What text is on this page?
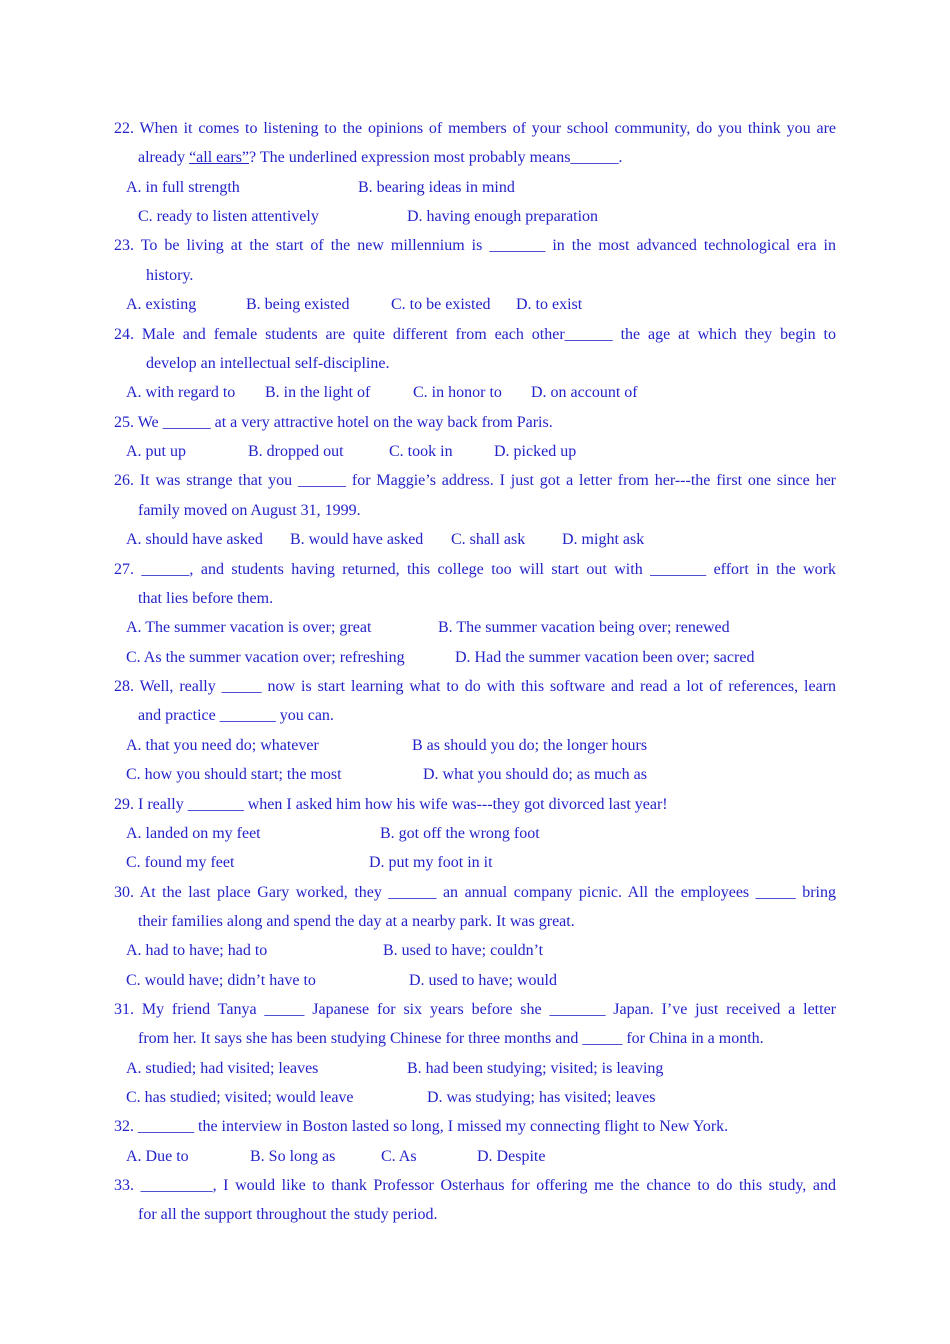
22. When it comes to listening to the opinions of members of your school community, do you think you are
already “all ears”? The underlined expression most probably means______.
A. in full strength	B. bearing ideas in mind
C. ready to listen attentively	D. having enough preparation
23. To be living at the start of the new millennium is _______ in the most advanced technological era in
history.
A. existing	B. being existed	C. to be existed D. to exist
24. Male and female students are quite different from each other______ the age at which they begin to
develop an intellectual self-discipline.
A. with regard to B. in the light of	C. in honor to D. on account of
25. We ______ at a very attractive hotel on the way back from Paris.
A. put up	B. dropped out	C. took in	D. picked up
26. It was strange that you ______ for Maggie’s address. I just got a letter from her---the first one since her
family moved on August 31, 1999.
A. should have asked B. would have asked C. shall ask D. might ask
27. ______, and students having returned, this college too will start out with _______ effort in the work
that lies before them.
A. The summer vacation is over; great	B. The summer vacation being over; renewed
C. As the summer vacation over; refreshing	D. Had the summer vacation been over; sacred
28. Well, really _____ now is start learning what to do with this software and read a lot of references, learn
and practice _______ you can.
A. that you need do; whatever	B as should you do; the longer hours
C. how you should start; the most	D. what you should do; as much as
29. I really _______ when I asked him how his wife was---they got divorced last year!
A. landed on my feet	B. got off the wrong foot
C. found my feet	D. put my foot in it
30. At the last place Gary worked, they ______ an annual company picnic. All the employees _____ bring
their families along and spend the day at a nearby park. It was great.
A. had to have; had to	B. used to have; couldn’t
C. would have; didn’t have to	D. used to have; would
31. My friend Tanya _____ Japanese for six years before she _______ Japan. I’ve just received a letter
from her. It says she has been studying Chinese for three months and _____ for China in a month.
A. studied; had visited; leaves	B. had been studying; visited; is leaving
C. has studied; visited; would leave	D. was studying; has visited; leaves
32. _______ the interview in Boston lasted so long, I missed my connecting flight to New York.
A. Due to	B. So long as	C. As	D. Despite
33. _________, I would like to thank Professor Osterhaus for offering me the chance to do this study, and
for all the support throughout the study period.
